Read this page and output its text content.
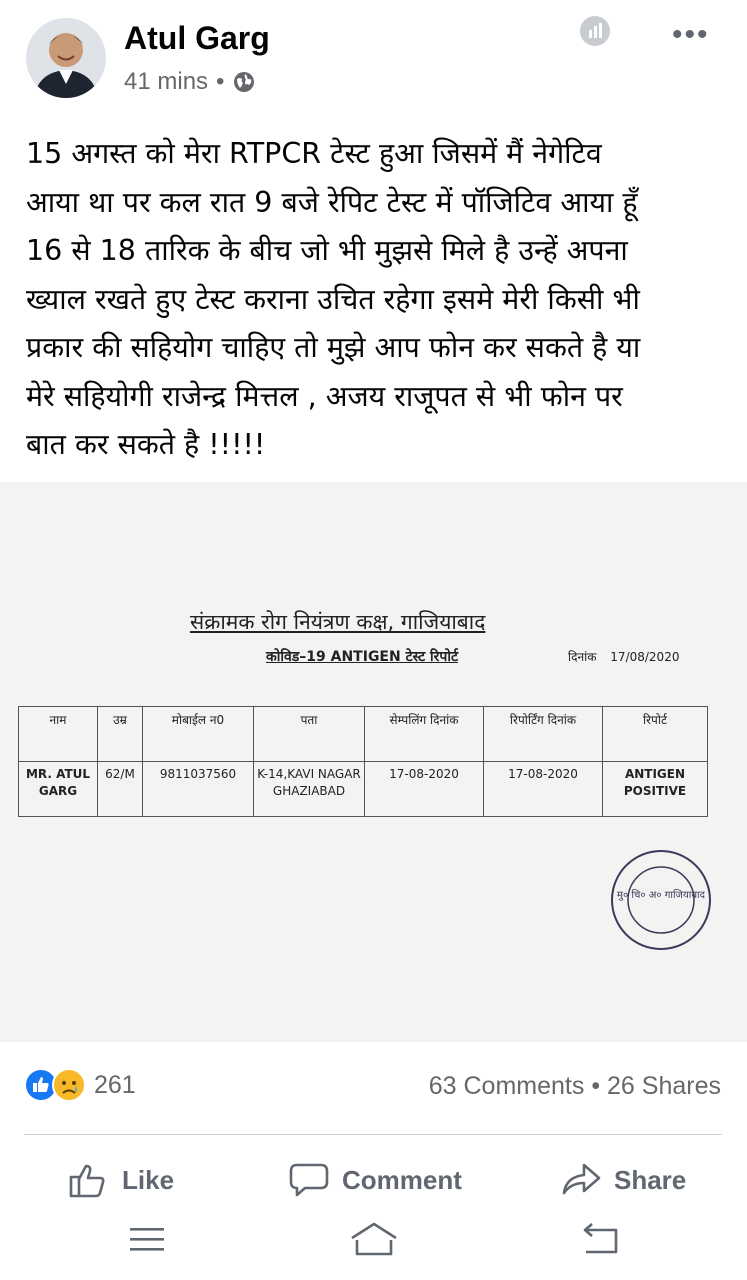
Atul Garg
41 mins •
•••
15 अगस्त को मेरा RTPCR टेस्ट हुआ जिसमें मैं नेगेटिव
आया था पर कल रात 9 बजे रेपिट टेस्ट में पॉजिटिव आया हूँ
16 से 18 तारिक के बीच जो भी मुझसे मिले है उन्हें अपना
ख्याल रखते हुए टेस्ट कराना उचित रहेगा इसमे मेरी किसी भी
प्रकार की सहियोग चाहिए तो मुझे आप फोन कर सकते है या
मेरे सहियोगी राजेन्द्र मित्तल , अजय राजूपत से भी फोन पर
बात कर सकते है !!!!!
संक्रामक रोग नियंत्रण कक्ष, गाजियाबाद
कोविड–19 ANTIGEN टेस्ट रिपोर्ट	दिनांक 17/08/2020
नाम	उम्र	मोबाईल न0	पता	सेम्पलिंग दिनांक	रिपोर्टिंग दिनांक	रिपोर्ट
MR. ATUL GARG	62/M	9811037560	K-14,KAVI NAGAR GHAZIABAD	17-08-2020	17-08-2020	ANTIGEN POSITIVE
मु० चि० अ० गाजियाबाद
261	63 Comments • 26 Shares
Like	Comment	Share
